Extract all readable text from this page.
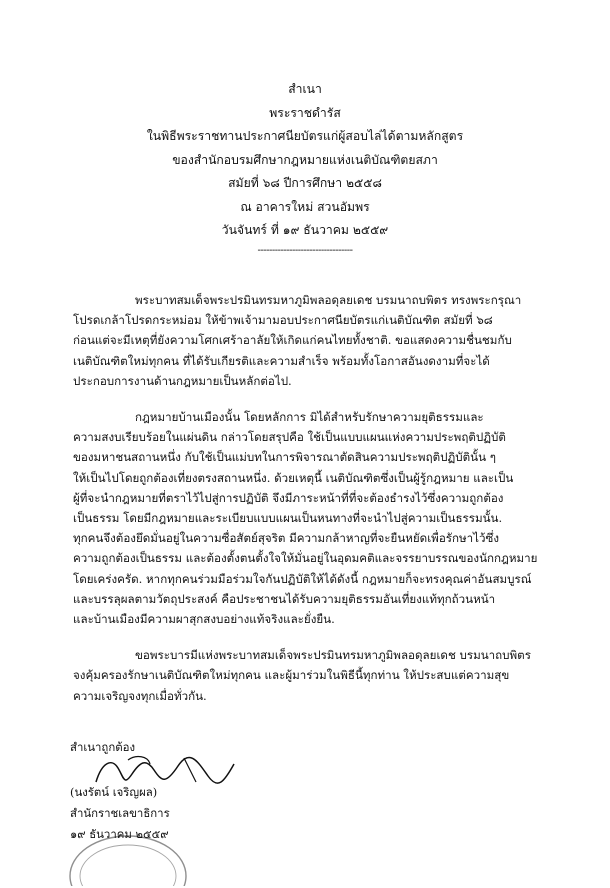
สำเนา
พระราชดำรัส
ในพิธีพระราชทานประกาศนียบัตรแก่ผู้สอบไล่ได้ตามหลักสูตร
ของสำนักอบรมศึกษากฎหมายแห่งเนติบัณฑิตยสภา
สมัยที่ ๖๘ ปีการศึกษา ๒๕๕๘
ณ อาคารใหม่ สวนอัมพร
วันจันทร์ ที่ ๑๙ ธันวาคม ๒๕๕๙
---------------------------------
พระบาทสมเด็จพระปรมินทรมหาภูมิพลอดุลยเดช บรมนาถบพิตร ทรงพระกรุณา
โปรดเกล้าโปรดกระหม่อม ให้ข้าพเจ้ามามอบประกาศนียบัตรแก่เนติบัณฑิต สมัยที่ ๖๘
ก่อนแต่จะมีเหตุที่ยังความโศกเศร้าอาลัยให้เกิดแก่คนไทยทั้งชาติ. ขอแสดงความชื่นชมกับ
เนติบัณฑิตใหม่ทุกคน ที่ได้รับเกียรติและความสำเร็จ พร้อมทั้งโอกาสอันงดงามที่จะได้
ประกอบการงานด้านกฎหมายเป็นหลักต่อไป.
กฎหมายบ้านเมืองนั้น โดยหลักการ มิได้สำหรับรักษาความยุติธรรมและ
ความสงบเรียบร้อยในแผ่นดิน กล่าวโดยสรุปคือ ใช้เป็นแบบแผนแห่งความประพฤติปฏิบัติ
ของมหาชนสถานหนึ่ง กับใช้เป็นแม่บทในการพิจารณาตัดสินความประพฤติปฏิบัตินั้น ๆ
ให้เป็นไปโดยถูกต้องเที่ยงตรงสถานหนึ่ง. ด้วยเหตุนี้ เนติบัณฑิตซึ่งเป็นผู้รู้กฎหมาย และเป็น
ผู้ที่จะนำกฎหมายที่ตราไว้ไปสู่การปฏิบัติ จึงมีภาระหน้าที่ที่จะต้องธำรงไว้ซึ่งความถูกต้อง
เป็นธรรม โดยมีกฎหมายและระเบียบแบบแผนเป็นหนทางที่จะนำไปสู่ความเป็นธรรมนั้น.
ทุกคนจึงต้องยึดมั่นอยู่ในความซื่อสัตย์สุจริต มีความกล้าหาญที่จะยืนหยัดเพื่อรักษาไว้ซึ่ง
ความถูกต้องเป็นธรรม และต้องตั้งตนตั้งใจให้มั่นอยู่ในอุดมคติและจรรยาบรรณของนักกฎหมาย
โดยเคร่งครัด. หากทุกคนร่วมมือร่วมใจกันปฏิบัติให้ได้ดังนี้ กฎหมายก็จะทรงคุณค่าอันสมบูรณ์
และบรรลุผลตามวัตถุประสงค์ คือประชาชนได้รับความยุติธรรมอันเที่ยงแท้ทุกถ้วนหน้า
และบ้านเมืองมีความผาสุกสงบอย่างแท้จริงและยั่งยืน.
ขอพระบารมีแห่งพระบาทสมเด็จพระปรมินทรมหาภูมิพลอดุลยเดช บรมนาถบพิตร
จงคุ้มครองรักษาเนติบัณฑิตใหม่ทุกคน และผู้มาร่วมในพิธีนี้ทุกท่าน ให้ประสบแต่ความสุข
ความเจริญจงทุกเมื่อทั่วกัน.
สำเนาถูกต้อง
(นงรัตน์ เจริญผล)
สำนักราชเลขาธิการ
๑๙ ธันวาคม ๒๕๕๙
